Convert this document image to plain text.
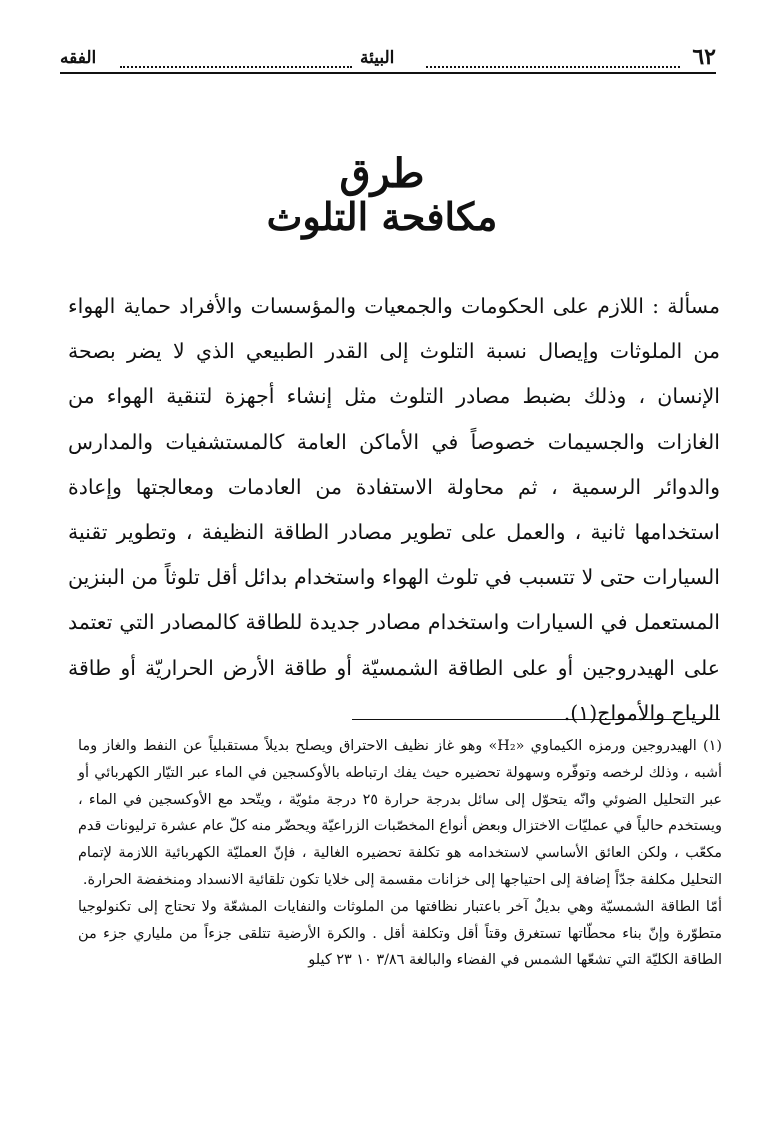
٦٢
البيئة
الفقه
طرق
مكافحة التلوث

مسألة : اللازم على الحكومات والجمعيات والمؤسسات والأفراد حماية الهواء من الملوثات وإيصال نسبة التلوث إلى القدر الطبيعي الذي لا يضر بصحة الإنسان ، وذلك بضبط مصادر التلوث مثل إنشاء أجهزة لتنقية الهواء من الغازات والجسيمات خصوصاً في الأماكن العامة كالمستشفيات والمدارس والدوائر الرسمية ، ثم محاولة الاستفادة من العادمات ومعالجتها وإعادة استخدامها ثانية ، والعمل على تطوير مصادر الطاقة النظيفة ، وتطوير تقنية السيارات حتى لا تتسبب في تلوث الهواء واستخدام بدائل أقل تلوثاً من البنزين المستعمل في السيارات واستخدام مصادر جديدة للطاقة كالمصادر التي تعتمد على الهيدروجين أو على الطاقة الشمسيّة أو طاقة الأرض الحراريّة أو طاقة الرياح والأمواج(١).

(١) الهيدروجين ورمزه الكيماوي «H₂» وهو غاز نظيف الاحتراق ويصلح بديلاً مستقبلياً عن النفط والغاز وما أشبه ، وذلك لرخصه وتوفّره وسهولة تحضيره حيث يفك ارتباطه بالأوكسجين في الماء عبر التيّار الكهربائي أو عبر التحليل الضوئي وانّه يتحوّل إلى سائل بدرجة حرارة ٢٥ درجة مئويّة ، ويتّحد مع الأوكسجين في الماء ، ويستخدم حالياً في عمليّات الاختزال وبعض أنواع المخصّبات الزراعيّة ويحضّر منه كلّ عام عشرة ترليونات قدم مكعّب ، ولكن العائق الأساسي لاستخدامه هو تكلفة تحضيره الغالية ، فإنّ العمليّة الكهربائية اللازمة لإتمام التحليل مكلفة جدّاً إضافة إلى احتياجها إلى خزانات مقسمة إلى خلايا تكون تلقائية الانسداد ومنخفضة الحرارة.

أمّا الطاقة الشمسيّة وهي بديلٌ آخر باعتبار نظافتها من الملوثات والنفايات المشعّة ولا تحتاج إلى تكنولوجيا متطوّرة وإنّ بناء محطّاتها تستغرق وقتاً أقل وتكلفة أقل . والكرة الأرضية تتلقى جزءاً من ملياري جزء من الطاقة الكليّة التي تشعّها الشمس في الفضاء والبالغة ٣/٨٦ ١٠ ٢٣ كيلو
